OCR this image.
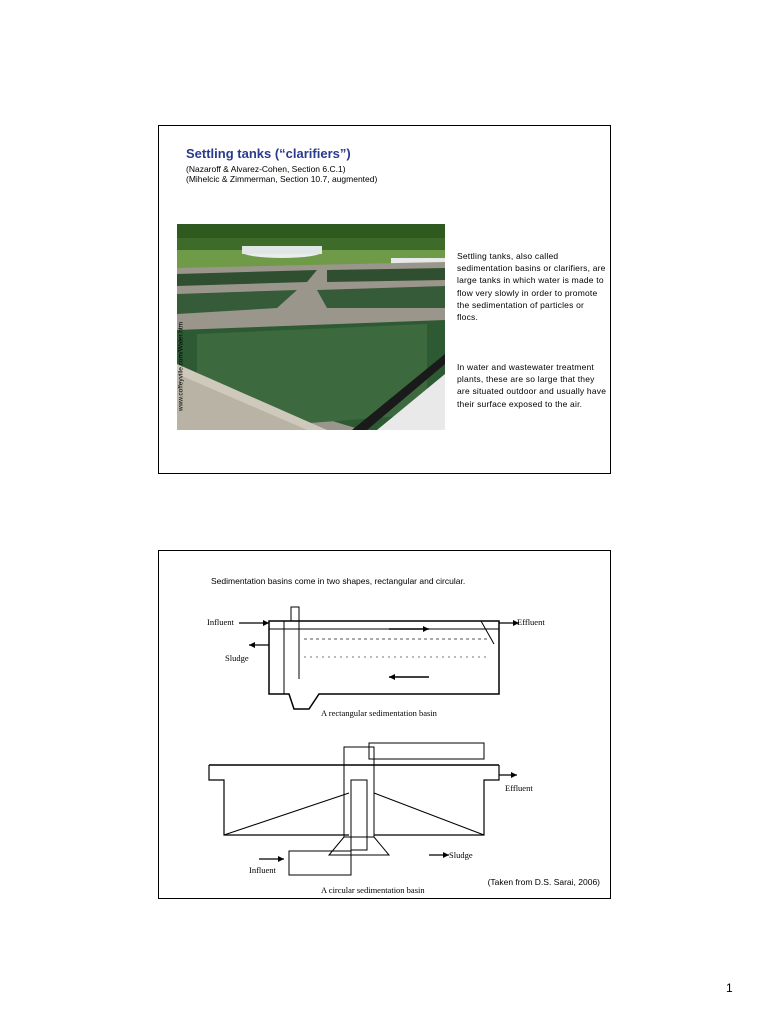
Settling tanks (“clarifiers”)
(Nazaroff & Alvarez-Cohen, Section 6.C.1)
(Mihelcic & Zimmerman, Section 10.7, augmented)
www.coffeyville.com/Water.htm
Settling tanks, also called sedimentation basins or clarifiers, are large tanks in which water is made to flow very slowly in order to promote the sedimentation of particles or flocs.
In water and wastewater treatment plants, these are so large that they are situated outdoor and usually have their surface exposed to the air.
Sedimentation basins come in two shapes, rectangular and circular.
Influent	Effluent
Sludge
A rectangular sedimentation basin
Effluent
Sludge
Influent
A circular sedimentation basin
(Taken from D.S. Sarai, 2006)
1
